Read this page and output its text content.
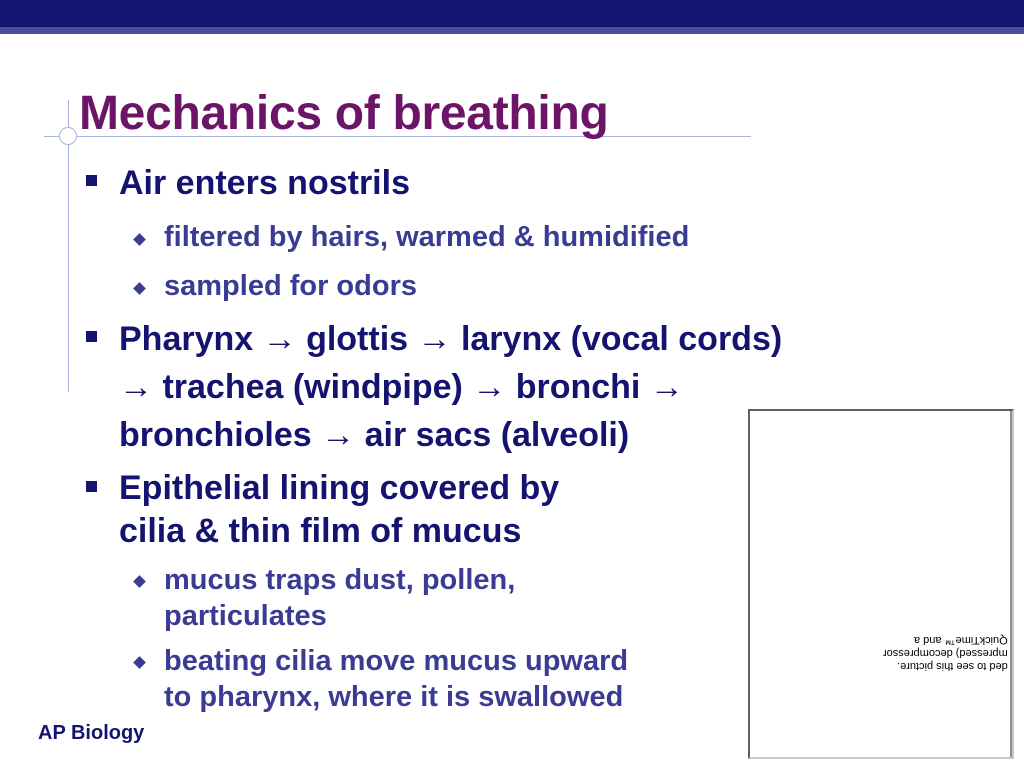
Mechanics of breathing
Air enters nostrils
filtered by hairs, warmed & humidified
sampled for odors
Pharynx → glottis → larynx (vocal cords)
→ trachea (windpipe) → bronchi →
bronchioles → air sacs (alveoli)
Epithelial lining covered by
cilia & thin film of mucus
mucus traps dust, pollen,
particulates
beating cilia move mucus upward
to pharynx, where it is swallowed
ded to see this picture.
mpressed) decompressor
QuickTime™ and a
AP Biology
